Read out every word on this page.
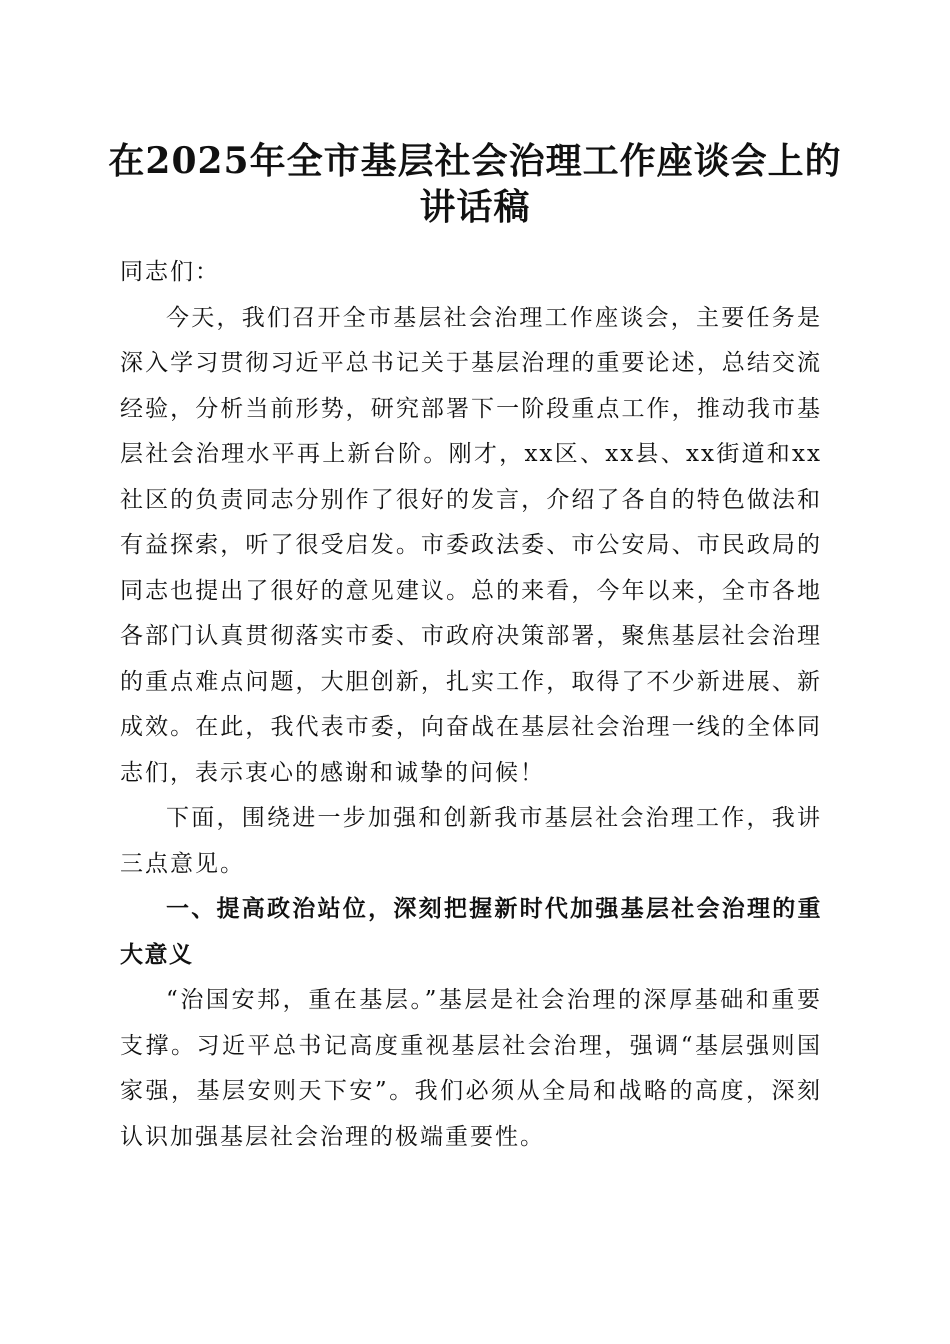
在2025年全市基层社会治理工作座谈会上的
讲话稿

同志们：

今天，我们召开全市基层社会治理工作座谈会，主要任务是深入学习贯彻习近平总书记关于基层治理的重要论述，总结交流经验，分析当前形势，研究部署下一阶段重点工作，推动我市基层社会治理水平再上新台阶。刚才，xx区、xx县、xx街道和xx社区的负责同志分别作了很好的发言，介绍了各自的特色做法和有益探索，听了很受启发。市委政法委、市公安局、市民政局的同志也提出了很好的意见建议。总的来看，今年以来，全市各地各部门认真贯彻落实市委、市政府决策部署，聚焦基层社会治理的重点难点问题，大胆创新，扎实工作，取得了不少新进展、新成效。在此，我代表市委，向奋战在基层社会治理一线的全体同志们，表示衷心的感谢和诚挚的问候！

下面，围绕进一步加强和创新我市基层社会治理工作，我讲三点意见。

一、提高政治站位，深刻把握新时代加强基层社会治理的重大意义

“治国安邦，重在基层。”基层是社会治理的深厚基础和重要支撑。习近平总书记高度重视基层社会治理，强调“基层强则国家强，基层安则天下安”。我们必须从全局和战略的高度，深刻认识加强基层社会治理的极端重要性。
